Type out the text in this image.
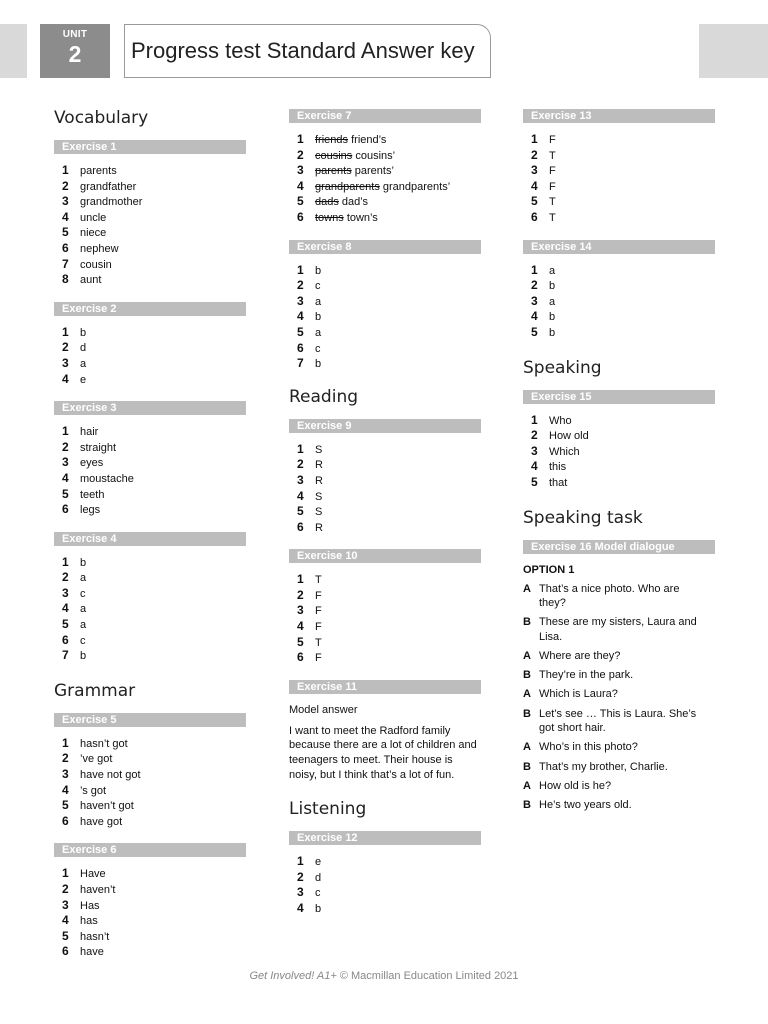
UNIT
2	Progress test Standard Answer key
Vocabulary
Exercise 1
1 parents
2 grandfather
3 grandmother
4 uncle
5 niece
6 nephew
7 cousin
8 aunt
Exercise 2
1 b
2 d
3 a
4 e
Exercise 3
1 hair
2 straight
3 eyes
4 moustache
5 teeth
6 legs
Exercise 4
1 b
2 a
3 c
4 a
5 a
6 c
7 b
Grammar
Exercise 5
1 hasn’t got
2 ’ve got
3 have not got
4 ’s got
5 haven’t got
6 have got
Exercise 6
1 Have
2 haven’t
3 Has
4 has
5 hasn’t
6 have
Exercise 7
1 friends friend’s
2 cousins cousins’
3 parents parents’
4 grandparents grandparents’
5 dads dad’s
6 towns town’s
Exercise 8
1 b
2 c
3 a
4 b
5 a
6 c
7 b
Reading
Exercise 9
1 S
2 R
3 R
4 S
5 S
6 R
Exercise 10
1 T
2 F
3 F
4 F
5 T
6 F
Exercise 11

Model answer

I want to meet the Radford family because there are a lot of children and teenagers to meet. Their house is noisy, but I think that’s a lot of fun.

Listening
Exercise 12
1 e
2 d
3 c
4 b
Exercise 13
1 F
2 T
3 F
4 F
5 T
6 T
Exercise 14
1 a
2 b
3 a
4 b
5 b
Speaking
Exercise 15
1 Who
2 How old
3 Which
4 this
5 that
Speaking task
Exercise 16 Model dialogue

OPTION 1

A That’s a nice photo. Who are they?
B These are my sisters, Laura and Lisa.
A Where are they?
B They’re in the park.
A Which is Laura?
B Let’s see … This is Laura. She’s got short hair.
A Who’s in this photo?
B That’s my brother, Charlie.
A How old is he?
B He’s two years old.
Get Involved! A1+ © Macmillan Education Limited 2021
